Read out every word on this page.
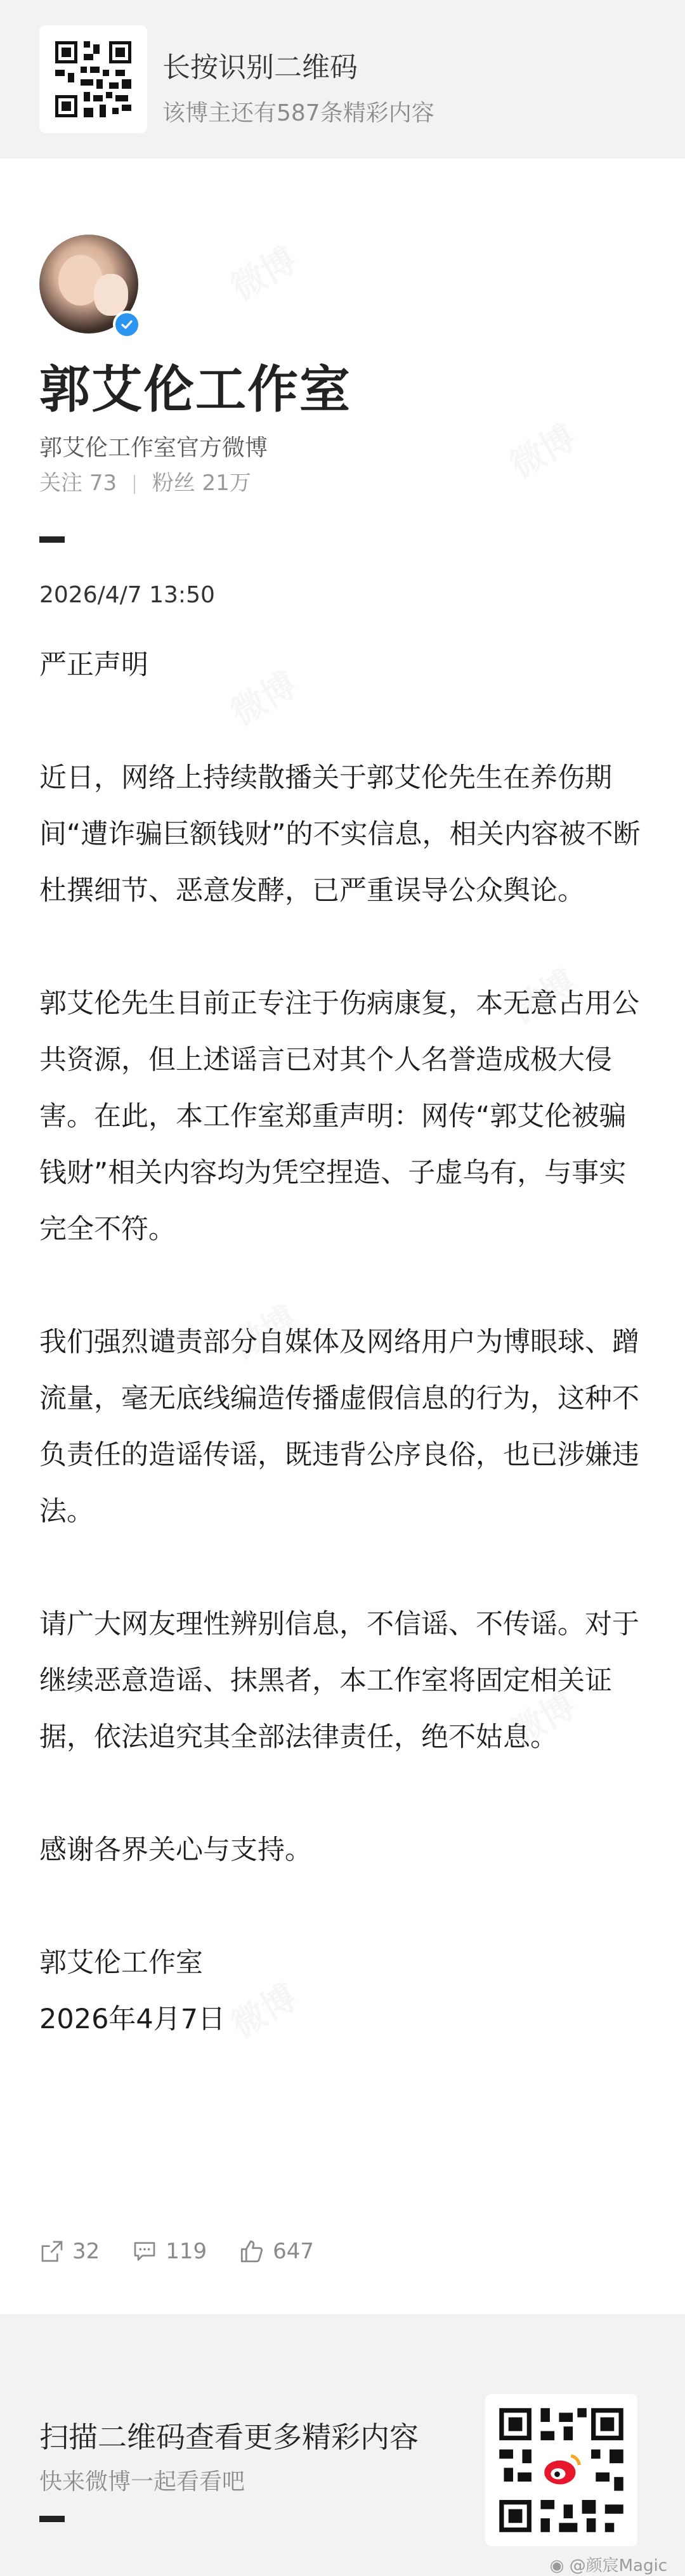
长按识别二维码
该博主还有587条精彩内容
郭艾伦工作室
郭艾伦工作室官方微博
关注 73 粉丝 21万
2026/4/7 13:50

严正声明

近日，网络上持续散播关于郭艾伦先生在养伤期间“遭诈骗巨额钱财”的不实信息，相关内容被不断杜撰细节、恶意发酵，已严重误导公众舆论。

郭艾伦先生目前正专注于伤病康复，本无意占用公共资源，但上述谣言已对其个人名誉造成极大侵害。在此，本工作室郑重声明：网传“郭艾伦被骗钱财”相关内容均为凭空捏造、子虚乌有，与事实完全不符。

我们强烈谴责部分自媒体及网络用户为博眼球、蹭流量，毫无底线编造传播虚假信息的行为，这种不负责任的造谣传谣，既违背公序良俗，也已涉嫌违法。

请广大网友理性辨别信息，不信谣、不传谣。对于继续恶意造谣、抹黑者，本工作室将固定相关证据，依法追究其全部法律责任，绝不姑息。

感谢各界关心与支持。

郭艾伦工作室

2026年4月7日

32	119	647
扫描二维码查看更多精彩内容
快来微博一起看看吧
◉ @颜宸Magic
